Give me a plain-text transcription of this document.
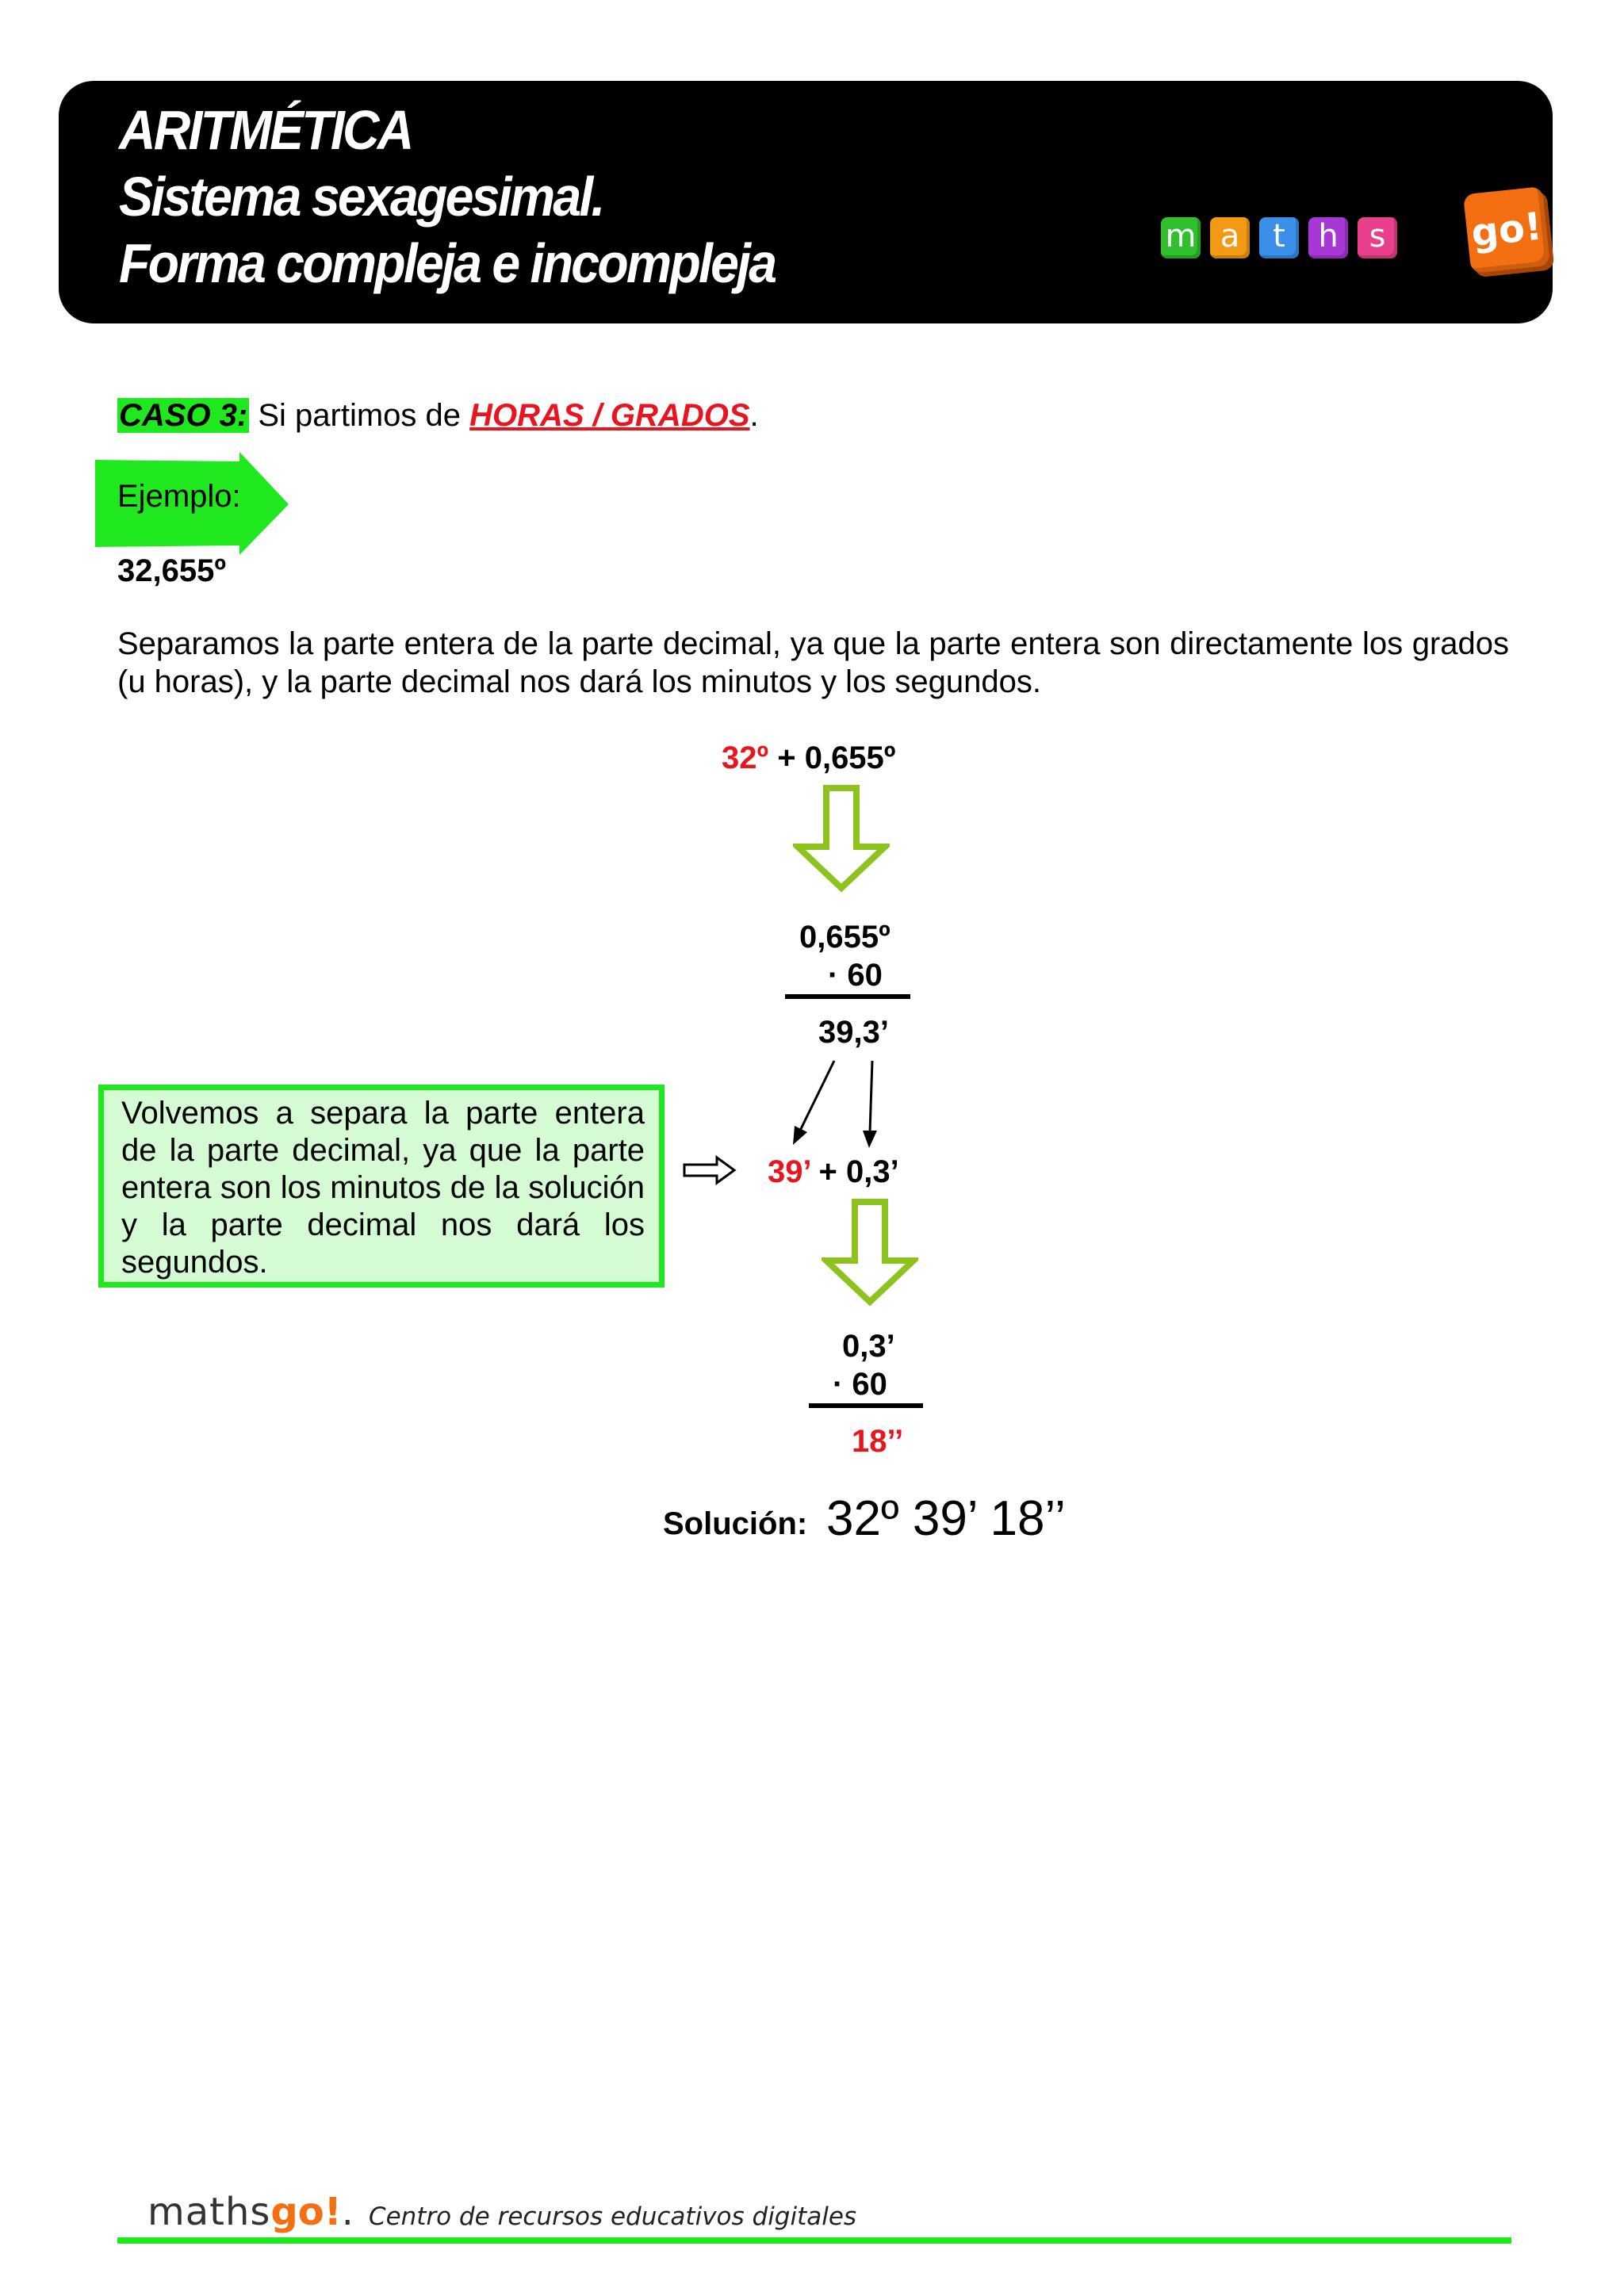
ARITMÉTICA
Sistema sexagesimal.
Forma compleja e incompleja	m a	t	h s	go!
CASO 3: Si partimos de HORAS / GRADOS.
Ejemplo:
32,655º
Separamos la parte entera de la parte decimal, ya que la parte entera son directamente los grados (u horas), y la parte decimal nos dará los minutos y los segundos.
32º + 0,655º
0,655º
· 60
39,3’
Volvemos a separa la parte entera de la parte decimal, ya que la parte entera son los minutos de la solución y la parte decimal nos dará los segundos.
39’ + 0,3’
0,3’
· 60
18’’
Solución: 32º 39’ 18’’
mathsgo!. Centro de recursos educativos digitales
